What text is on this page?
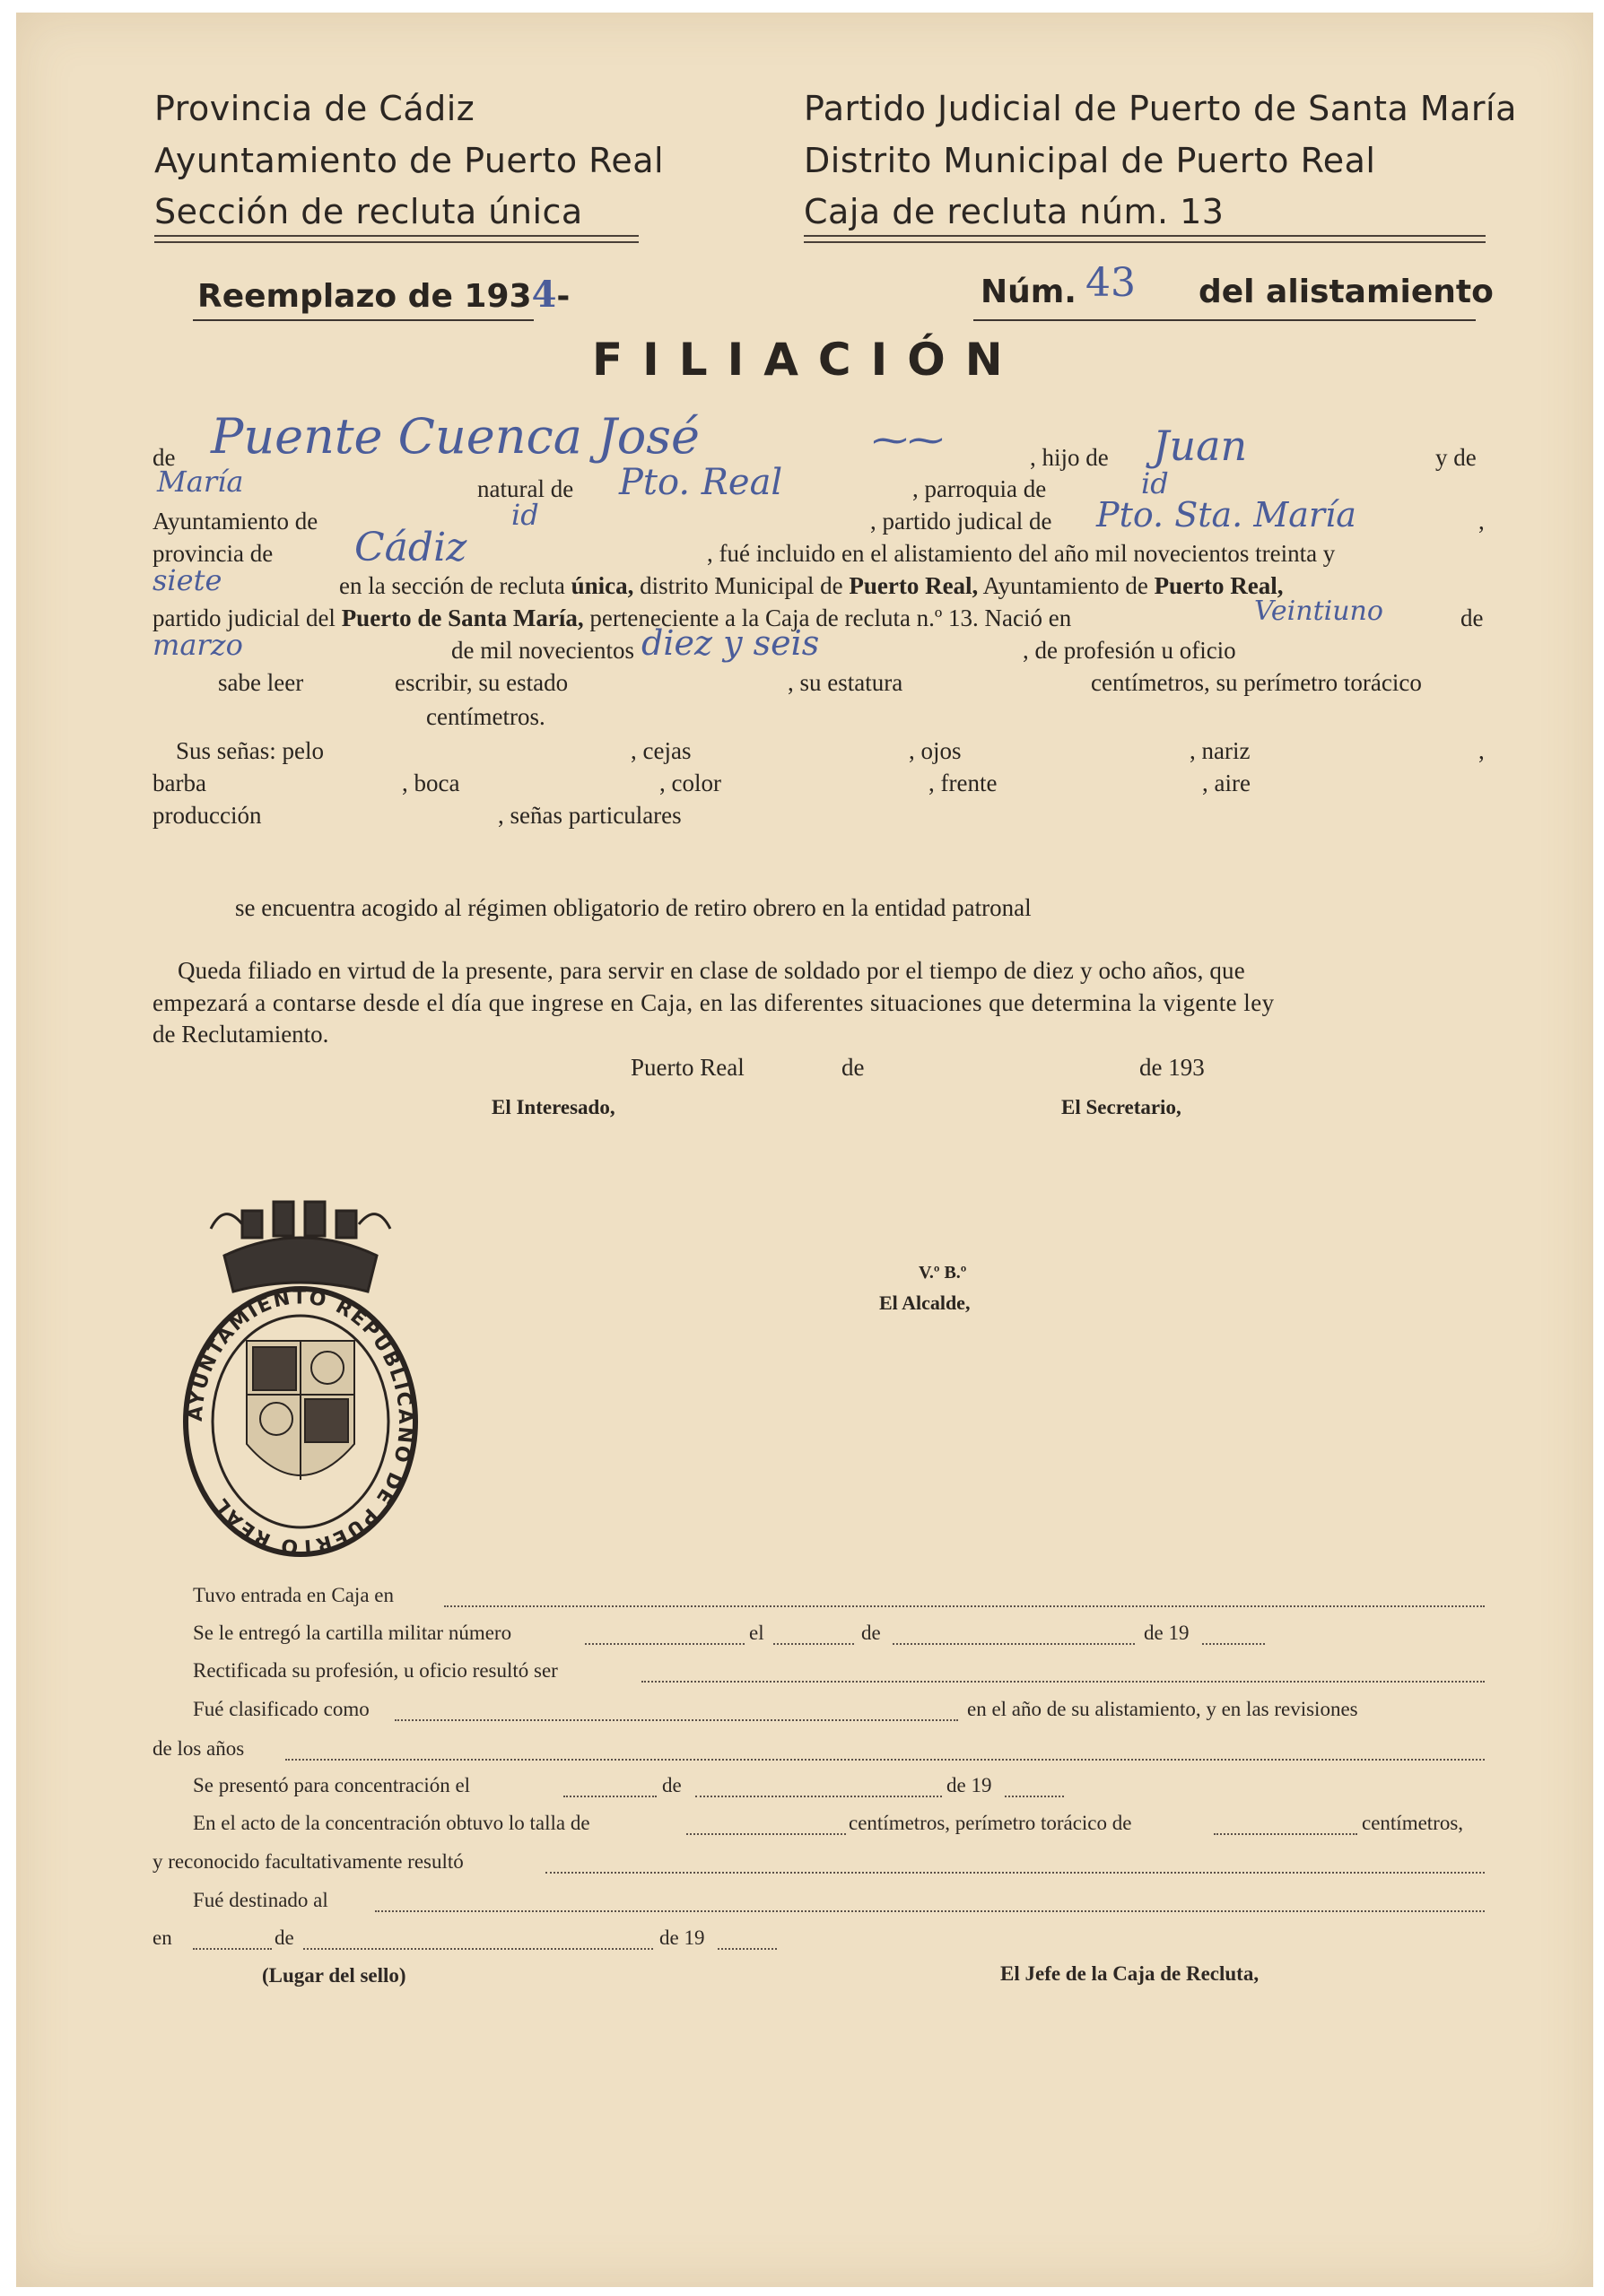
Provincia de Cádiz
Ayuntamiento de Puerto Real
Sección de recluta única
Partido Judicial de Puerto de Santa María
Distrito Municipal de Puerto Real
Caja de recluta núm. 13
Reemplazo de 1934-	Núm. 43 del alistamiento
FILIACIÓN
de Puente Cuenca José	⁓⁓	, hijo de Juan	y de
María	natural de Pto. Real	, parroquia de	id
Ayuntamiento de	id	, partido judical de Pto. Sta. María	,
provincia de Cádiz	, fué incluido en el alistamiento del año mil novecientos treinta y
siete	en la sección de recluta única, distrito Municipal de Puerto Real, Ayuntamiento de Puerto Real,
partido judicial del Puerto de Santa María, perteneciente a la Caja de recluta n.º 13. Nació en	Veintiuno	de
marzo	de mil novecientos diez y seis	, de profesión u oficio
sabe leer	escribir, su estado	, su estatura	centímetros, su perímetro torácico
centímetros.
Sus señas: pelo	, cejas	, ojos	, nariz	,
barba	, boca	, color	, frente	, aire
producción	, señas particulares
se encuentra acogido al régimen obligatorio de retiro obrero en la entidad patronal
Queda filiado en virtud de la presente, para servir en clase de soldado por el tiempo de diez y ocho años, que
empezará a contarse desde el día que ingrese en Caja, en las diferentes situaciones que determina la vigente ley
de Reclutamiento.
Puerto Real	de	de 193
El Interesado,	El Secretario,
V.º B.º
El Alcalde,
AYUNTAMIENTO REPUBLICANO DE PUERTO REAL
Tuvo entrada en Caja en
Se le entregó la cartilla militar número	el	de	de 19
Rectificada su profesión, u oficio resultó ser
Fué clasificado como	en el año de su alistamiento, y en las revisiones
de los años
Se presentó para concentración el	de	de 19
En el acto de la concentración obtuvo lo talla de	centímetros, perímetro torácico de	centímetros,
y reconocido facultativamente resultó
Fué destinado al
en	de	de 19
(Lugar del sello)	El Jefe de la Caja de Recluta,
